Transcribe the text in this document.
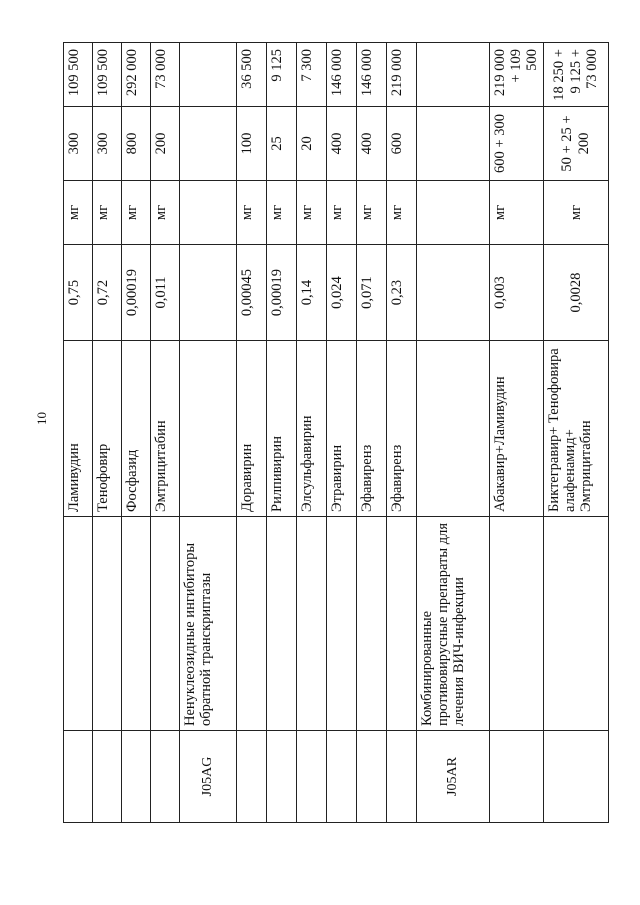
10
		Ламивудин	0,75	мг	300	109 500
		Тенофовир	0,72	мг	300	109 500
		Фосфазид	0,00019	мг	800	292 000
		Эмтрицитабин	0,011	мг	200	73 000
J05AG	Ненуклеозидные ингибиторы обратной транскриптазы					
		Доравирин	0,00045	мг	100	36 500
		Рилпивирин	0,00019	мг	25	9 125
		Элсульфавирин	0,14	мг	20	7 300
		Этравирин	0,024	мг	400	146 000
		Эфавиренз	0,071	мг	400	146 000
		Эфавиренз	0,23	мг	600	219 000
J05AR	Комбинированные противовирусные препараты для лечения ВИЧ-инфекции					
		Абакавир+Ламивудин	0,003	мг	600 + 300	219 000 + 109 500
		Биктегравир+ Тенофовира алафенамид+ Эмтрицитабин	0,0028	мг	50 + 25 + 200	18 250 + 9 125 + 73 000
